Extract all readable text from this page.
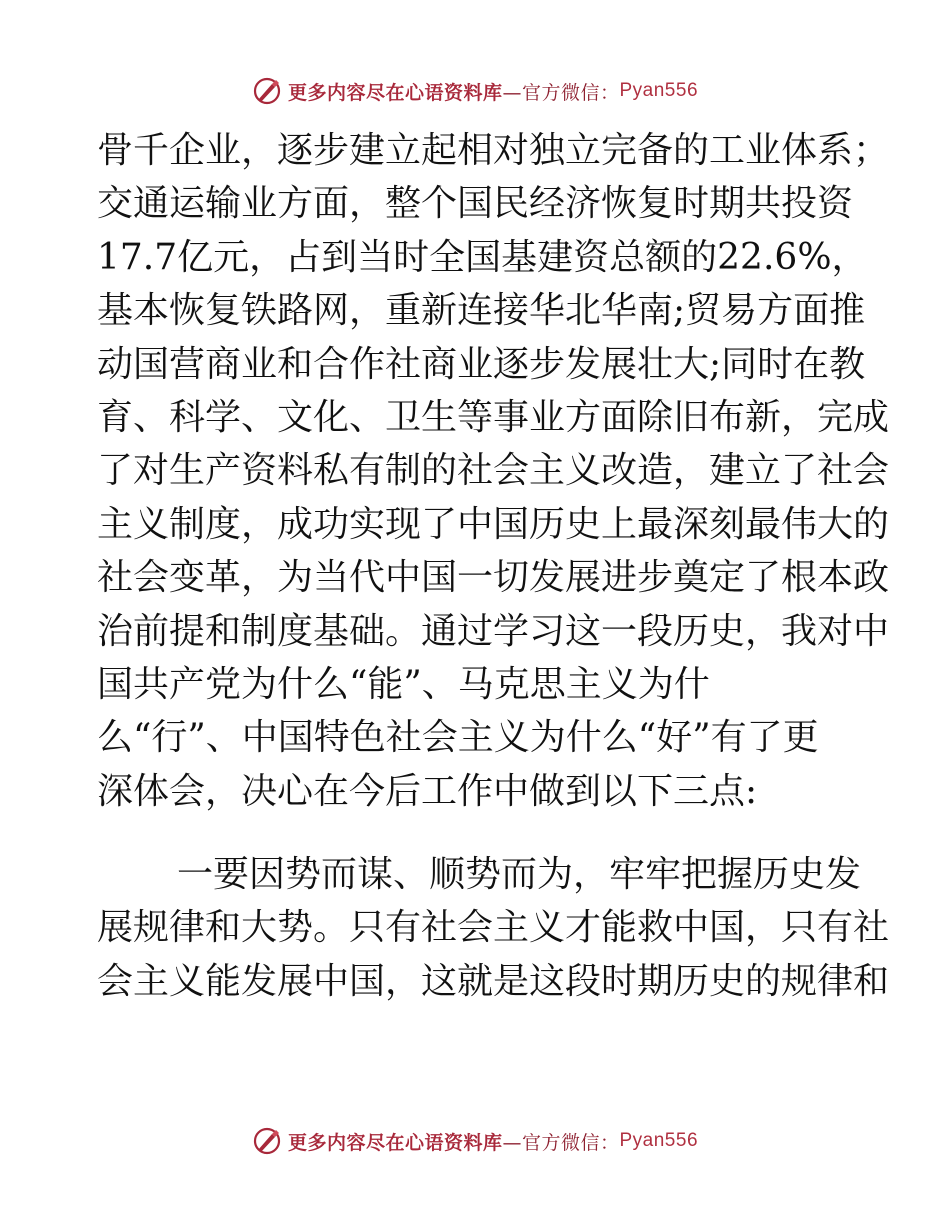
更多内容尽在心语资料库 —官方微信： Pyan556
骨千企业，逐步建立起相对独立完备的工业体系；
交通运输业方面，整个国民经济恢复时期共投资
17.7亿元，占到当时全国基建资总额的22.6%，
基本恢复铁路网，重新连接华北华南;贸易方面推
动国营商业和合作社商业逐步发展壮大;同时在教
育、科学、文化、卫生等事业方面除旧布新，完成
了对生产资料私有制的社会主义改造，建立了社会
主义制度，成功实现了中国历史上最深刻最伟大的
社会变革，为当代中国一切发展进步奠定了根本政
治前提和制度基础。通过学习这一段历史，我对中
国共产党为什么“能”、马克思主义为什
么“行”、中国特色社会主义为什么“好”有了更
深体会，决心在今后工作中做到以下三点:
一要因势而谋、顺势而为，牢牢把握历史发
展规律和大势。只有社会主义才能救中国，只有社
会主义能发展中国，这就是这段时期历史的规律和
更多内容尽在心语资料库 —官方微信： Pyan556
